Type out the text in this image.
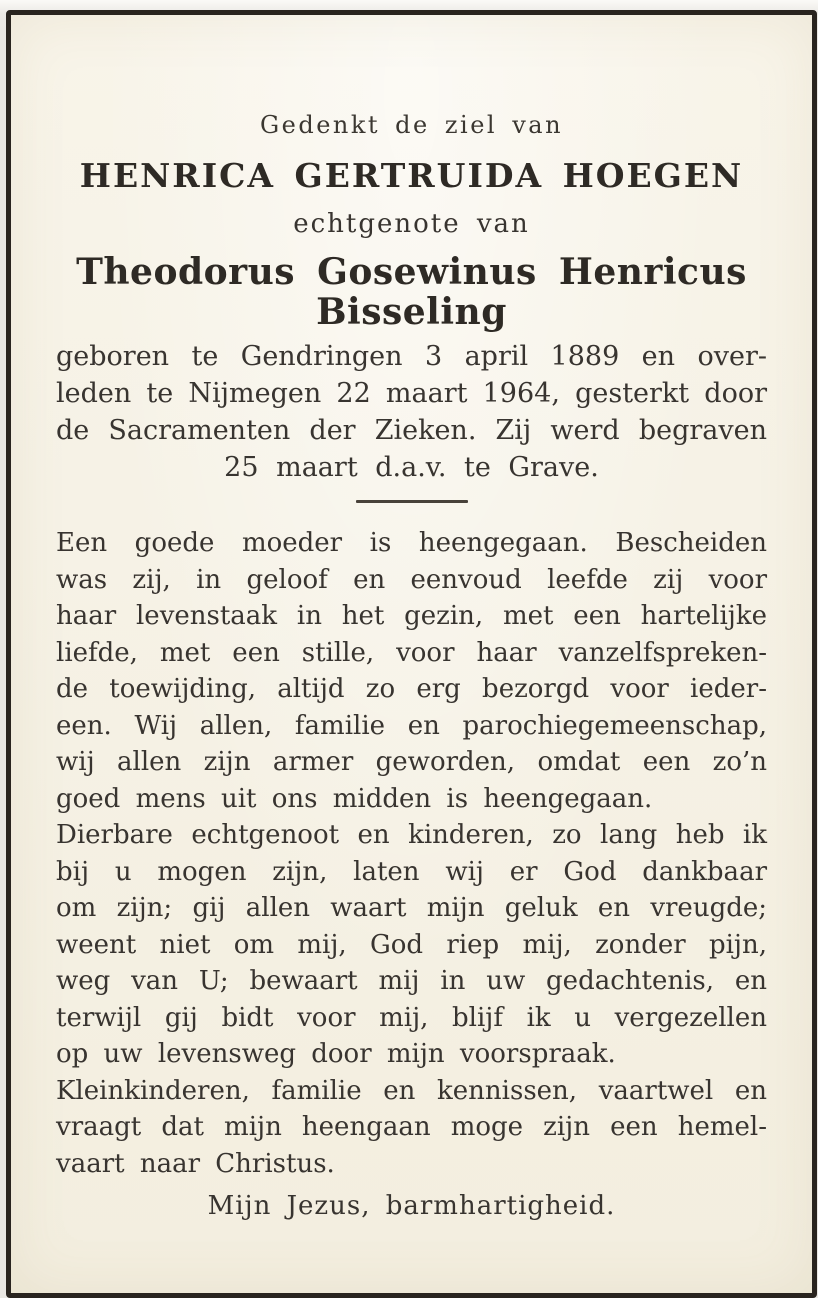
Gedenkt de ziel van
HENRICA GERTRUIDA HOEGEN
echtgenote van
Theodorus Gosewinus Henricus
Bisseling
geboren te Gendringen 3 april 1889 en over-
leden te Nijmegen 22 maart 1964, gesterkt door
de Sacramenten der Zieken. Zij werd begraven
25 maart d.a.v. te Grave.
Een goede moeder is heengegaan. Bescheiden
was zij, in geloof en eenvoud leefde zij voor
haar levenstaak in het gezin, met een hartelijke
liefde, met een stille, voor haar vanzelfspreken-
de toewijding, altijd zo erg bezorgd voor ieder-
een. Wij allen, familie en parochiegemeenschap,
wij allen zijn armer geworden, omdat een zo’n
goed mens uit ons midden is heengegaan.
Dierbare echtgenoot en kinderen, zo lang heb ik
bij u mogen zijn, laten wij er God dankbaar
om zijn; gij allen waart mijn geluk en vreugde;
weent niet om mij, God riep mij, zonder pijn,
weg van U; bewaart mij in uw gedachtenis, en
terwijl gij bidt voor mij, blijf ik u vergezellen
op uw levensweg door mijn voorspraak.
Kleinkinderen, familie en kennissen, vaartwel en
vraagt dat mijn heengaan moge zijn een hemel-
vaart naar Christus.
Mijn Jezus, barmhartigheid.
